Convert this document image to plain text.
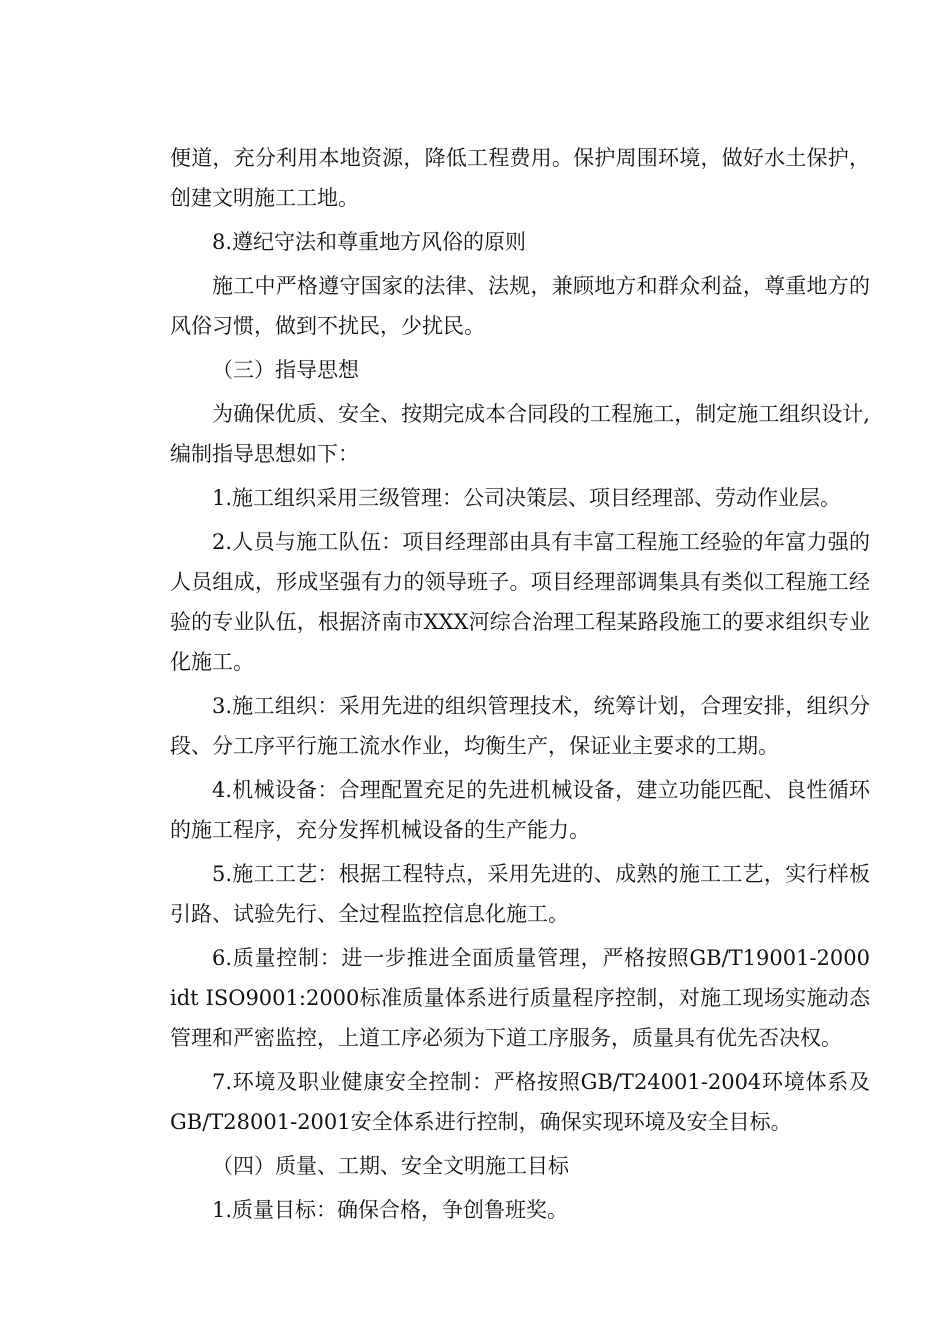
便道，充分利用本地资源，降低工程费用。保护周围环境，做好水土保护，创建文明施工工地。

8.遵纪守法和尊重地方风俗的原则

施工中严格遵守国家的法律、法规，兼顾地方和群众利益，尊重地方的风俗习惯，做到不扰民，少扰民。

（三）指导思想

为确保优质、安全、按期完成本合同段的工程施工，制定施工组织设计,编制指导思想如下：

1.施工组织采用三级管理：公司决策层、项目经理部、劳动作业层。

2.人员与施工队伍：项目经理部由具有丰富工程施工经验的年富力强的人员组成，形成坚强有力的领导班子。项目经理部调集具有类似工程施工经验的专业队伍，根据济南市XXX河综合治理工程某路段施工的要求组织专业化施工。

3.施工组织：采用先进的组织管理技术，统筹计划，合理安排，组织分段、分工序平行施工流水作业，均衡生产，保证业主要求的工期。

4.机械设备：合理配置充足的先进机械设备，建立功能匹配、良性循环的施工程序，充分发挥机械设备的生产能力。

5.施工工艺：根据工程特点，采用先进的、成熟的施工工艺，实行样板引路、试验先行、全过程监控信息化施工。

6.质量控制：进一步推进全面质量管理，严格按照GB/T19001-2000 idt ISO9001:2000标准质量体系进行质量程序控制，对施工现场实施动态管理和严密监控，上道工序必须为下道工序服务，质量具有优先否决权。

7.环境及职业健康安全控制：严格按照GB/T24001-2004环境体系及GB/T28001-2001安全体系进行控制，确保实现环境及安全目标。

（四）质量、工期、安全文明施工目标

1.质量目标：确保合格，争创鲁班奖。
